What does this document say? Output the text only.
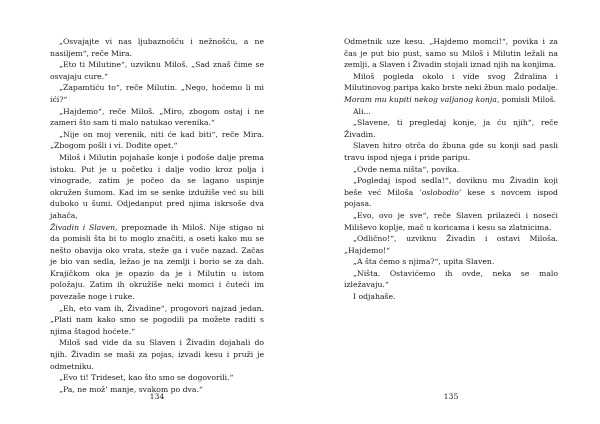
„Osvajajte vi nas ljubaznošću i nežnošću, a ne nasiljem“, reče Mira.

„Eto ti Milutine“, uzviknu Miloš. „Sad znaš čime se osvajaju cure.“

„Zapamtiću to“, reče Milutin. „Nego, hoćemo li mi ići?“

„Hajdemo“, reče Miloš. „Miro, zbogom ostaj i ne zameri što sam ti malo natukao verenika.“

„Nije on moj verenik, niti će kad biti“, reče Mira. „Zbogom pošli i vi. Dođite opet.“

Miloš i Milutin pojahaše konje i pođoše dalje prema istoku. Put je u početku i dalje vodio kroz polja i vinograde, zatim je počeo da se lagano uspinje okružen šumom. Kad im se senke izdužiše već su bili duboko u šumi. Odjedanput pred njima iskrsoše dva jahača,

Živadin i Slaven, prepoznade ih Miloš. Nije stigao ni da pomisli šta bi to moglo značiti, a oseti kako mu se nešto obavija oko vrata, steže ga i vuče nazad. Začas je bio van sedla, ležao je na zemlji i borio se za dah. Krajičkom oka je opazio da je i Milutin u istom položaju. Zatim ih okružiše neki momci i čuteći im povezaše noge i ruke.

„Eh, eto vam ih, Živadine“, progovori najzad jedan. „Plati nam kako smo se pogodili pa možete raditi s njima štagod hoćete.“

Miloš sad vide da su Slaven i Živadin dojahali do njih. Živadin se maši za pojas, izvadi kesu i pruži je odmetniku.

„Evo ti! Trideset, kao što smo se dogovorili.“

„Pa, ne mož’ manje, svakom po dva.“

134

Odmetnik uze kesu. „Hajdemo momci!“, povika i za čas je put bio pust, samo su Miloš i Milutin ležali na zemlji, a Slaven i Živadin stojali iznad njih na konjima.

Miloš pogleda okolo i vide svog Ždralina i Milutinovog paripa kako brste neki žbun malo podalje. Moram mu kupiti nekog valjanog konja, pomisli Miloš.

Ali...

„Slavene, ti pregledaj konje, ja ću njih“, reče Živadin.

Slaven hitro otrča do žbuna gde su konji sad pasli travu ispod njega i pride paripu.

„Ovde nema ništa“, povika.

„Pogledaj ispod sedla!“, doviknu mu Živadin koji beše već Miloša ’oslobodio’ kese s novcem ispod pojasa.

„Evo, ovo je sve“, reče Slaven prilazeći i noseći Miliševo koplje, mač u koricama i kesu sa zlatnicima.

„Odlično!“, uzviknu Živadin i ostavi Miloša. „Hajdemo!“

„A šta ćemo s njima?“, upita Slaven.

„Ništa. Ostavićemo ih ovde, neka se malo izležavaju.“

I odjahaše.

135
